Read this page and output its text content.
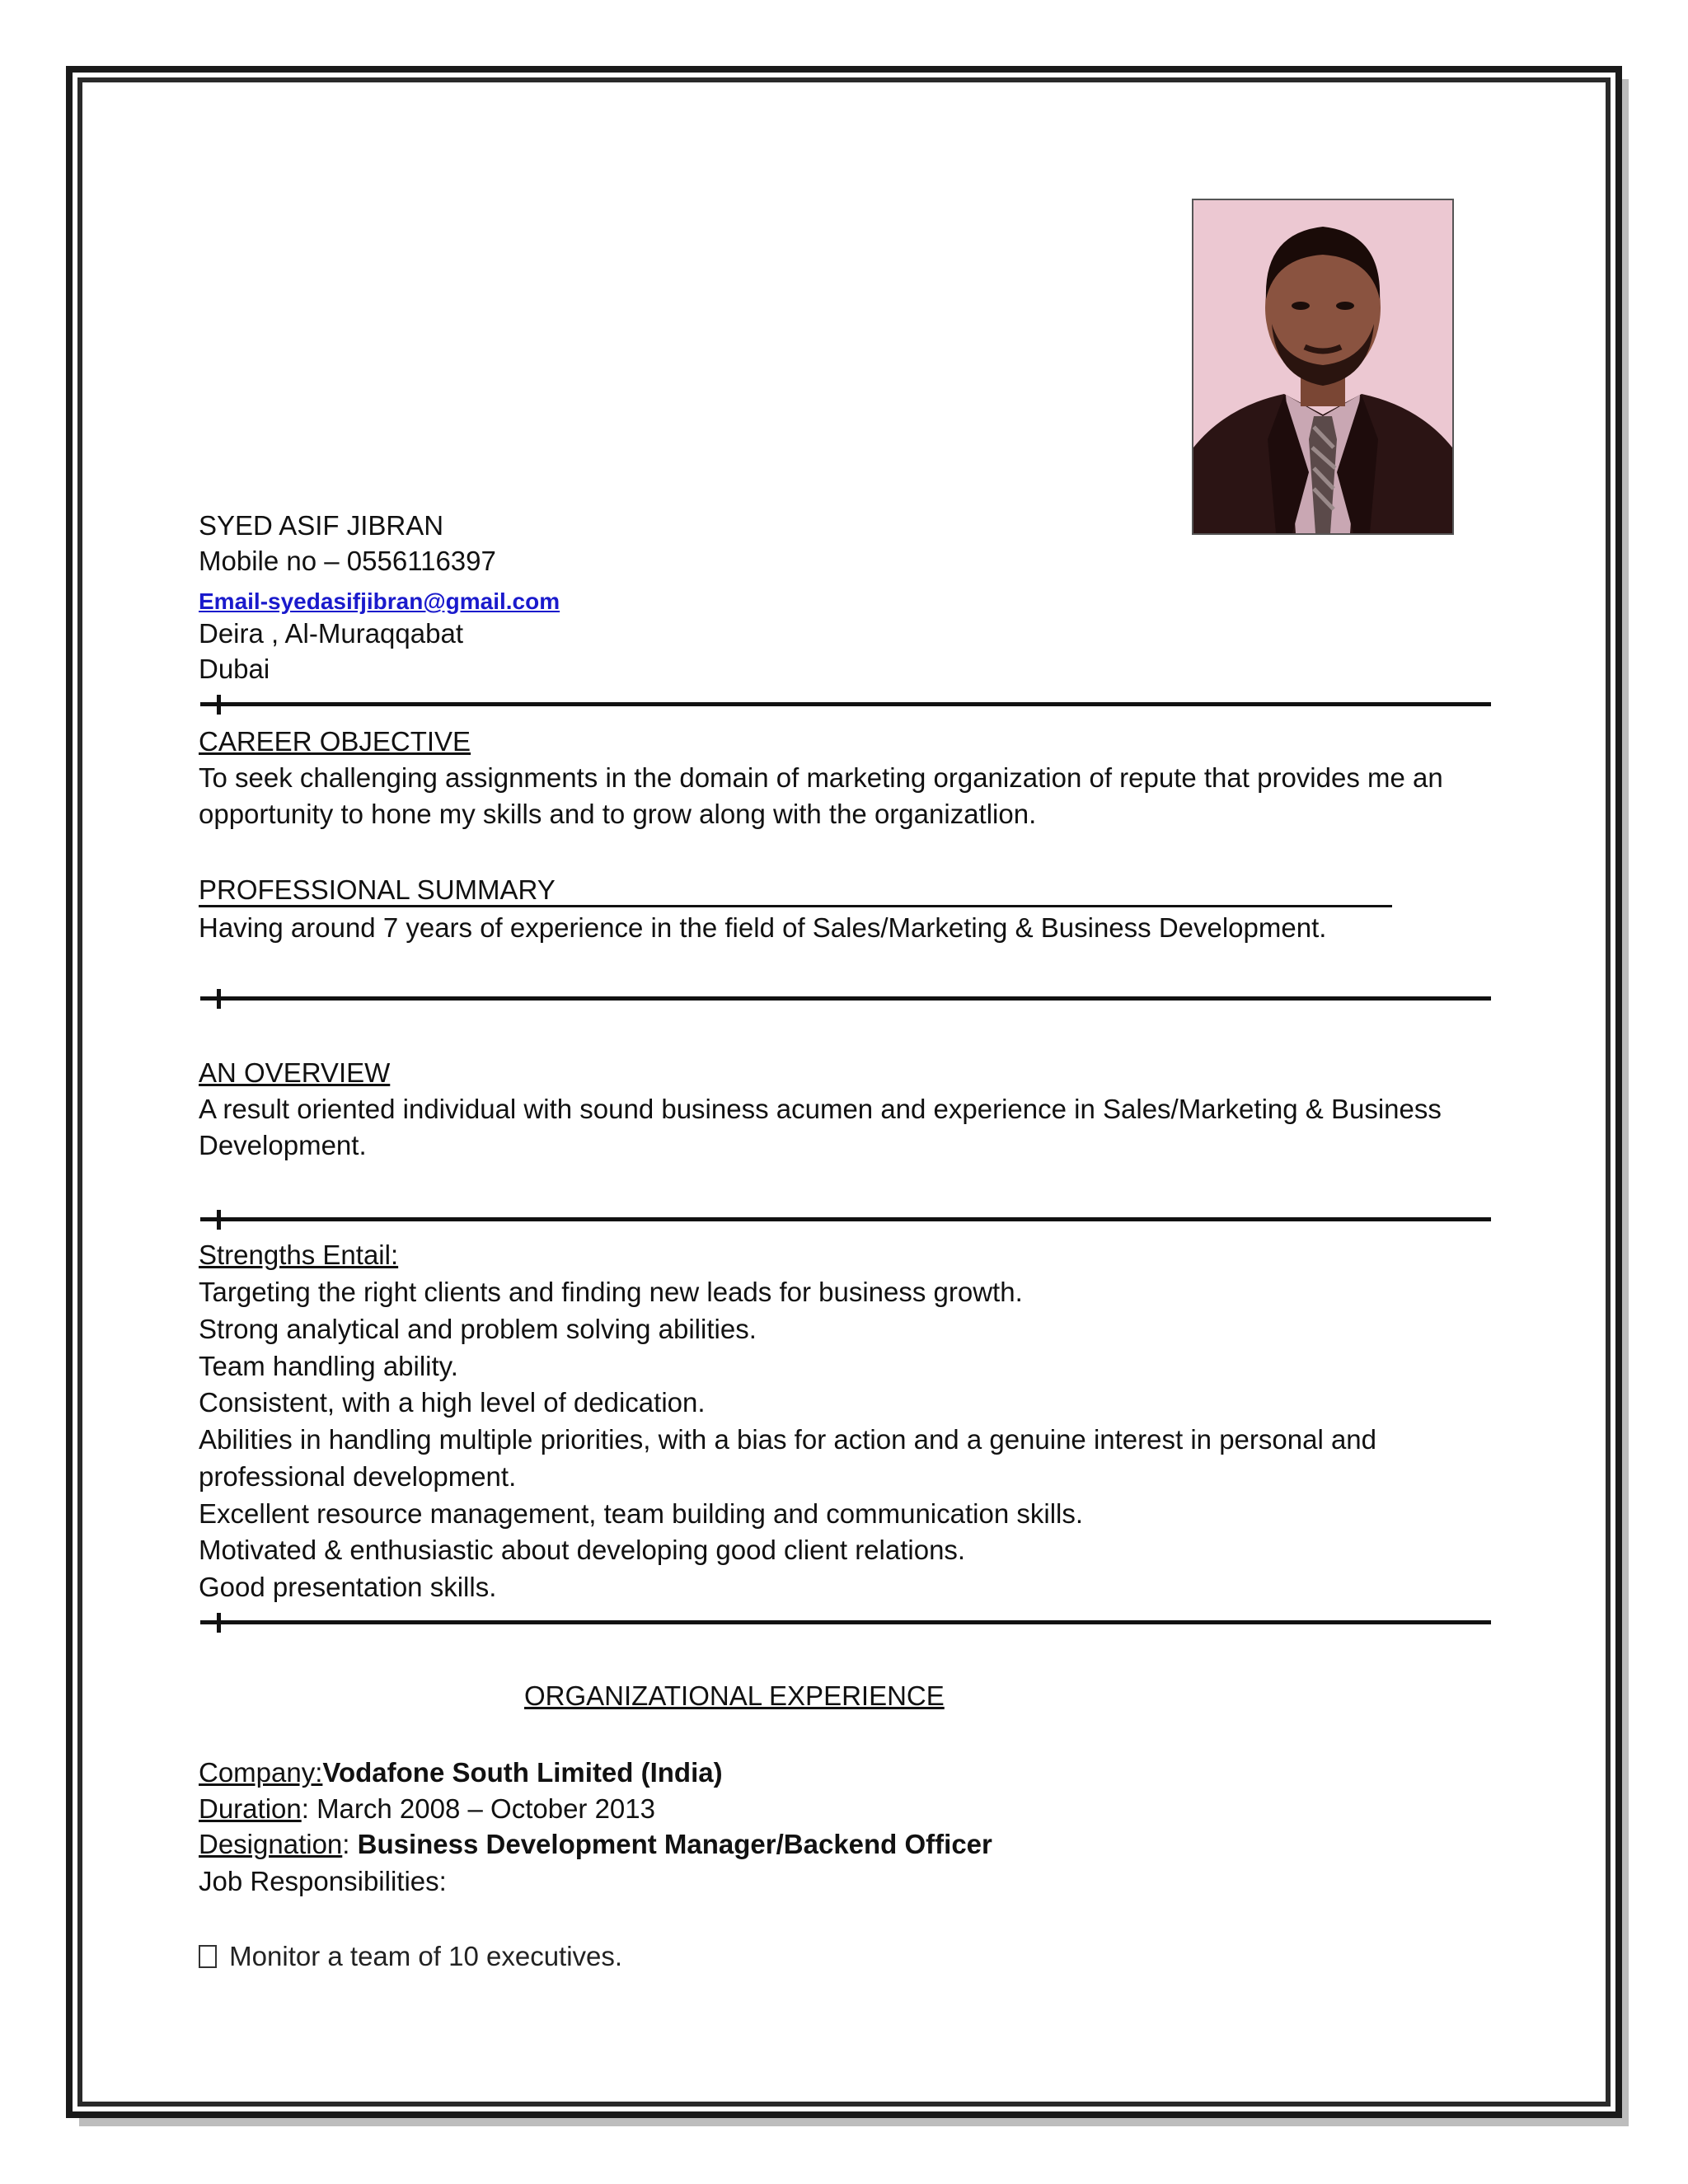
SYED ASIF JIBRAN
Mobile no – 0556116397
Email-syedasifjibran@gmail.com
Deira , Al-Muraqqabat
Dubai
CAREER OBJECTIVE
To seek challenging assignments in the domain of marketing organization of repute that provides me an
opportunity to hone my skills and to grow along with the organizatlion.
PROFESSIONAL SUMMARY
Having around 7 years of experience in the field of Sales/Marketing & Business Development.
AN OVERVIEW
A result oriented individual with sound business acumen and experience in Sales/Marketing & Business
Development.
Strengths Entail:
Targeting the right clients and finding new leads for business growth.
Strong analytical and problem solving abilities.
Team handling ability.
Consistent, with a high level of dedication.
Abilities in handling multiple priorities, with a bias for action and a genuine interest in personal and
professional development.
Excellent resource management, team building and communication skills.
Motivated & enthusiastic about developing good client relations.
Good presentation skills.
ORGANIZATIONAL EXPERIENCE
Company:Vodafone South Limited (India)
Duration: March 2008 – October 2013
Designation: Business Development Manager/Backend Officer
Job Responsibilities:
Monitor a team of 10 executives.
